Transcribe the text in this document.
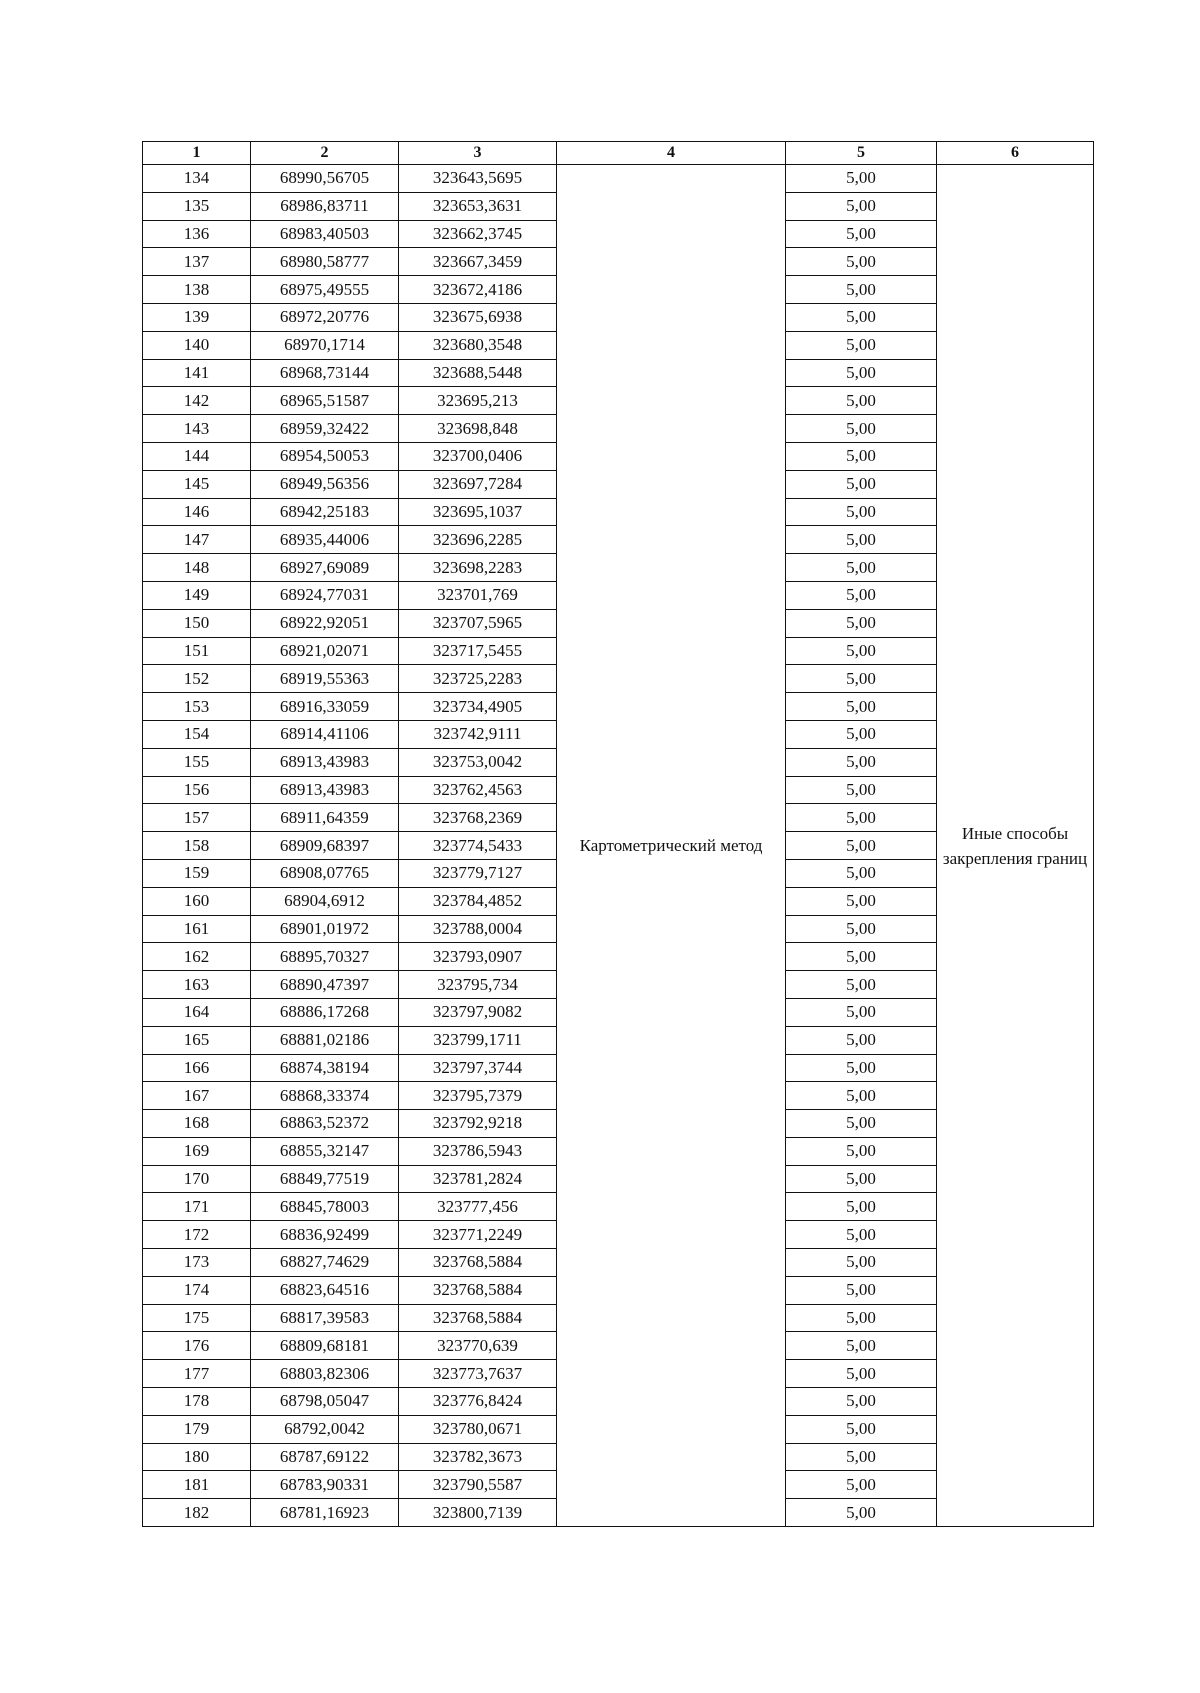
1	2	3	4	5	6
134	68990,56705	323643,5695	Картометрический метод	5,00	Иные способы закрепления границ
135	68986,83711	323653,3631		5,00	
136	68983,40503	323662,3745		5,00	
137	68980,58777	323667,3459		5,00	
138	68975,49555	323672,4186		5,00	
139	68972,20776	323675,6938		5,00	
140	68970,1714	323680,3548		5,00	
141	68968,73144	323688,5448		5,00	
142	68965,51587	323695,213		5,00	
143	68959,32422	323698,848		5,00	
144	68954,50053	323700,0406		5,00	
145	68949,56356	323697,7284		5,00	
146	68942,25183	323695,1037		5,00	
147	68935,44006	323696,2285		5,00	
148	68927,69089	323698,2283		5,00	
149	68924,77031	323701,769		5,00	
150	68922,92051	323707,5965		5,00	
151	68921,02071	323717,5455		5,00	
152	68919,55363	323725,2283		5,00	
153	68916,33059	323734,4905		5,00	
154	68914,41106	323742,9111		5,00	
155	68913,43983	323753,0042		5,00	
156	68913,43983	323762,4563		5,00	
157	68911,64359	323768,2369		5,00	
158	68909,68397	323774,5433		5,00	
159	68908,07765	323779,7127		5,00	
160	68904,6912	323784,4852		5,00	
161	68901,01972	323788,0004		5,00	
162	68895,70327	323793,0907		5,00	
163	68890,47397	323795,734		5,00	
164	68886,17268	323797,9082		5,00	
165	68881,02186	323799,1711		5,00	
166	68874,38194	323797,3744		5,00	
167	68868,33374	323795,7379		5,00	
168	68863,52372	323792,9218		5,00	
169	68855,32147	323786,5943		5,00	
170	68849,77519	323781,2824		5,00	
171	68845,78003	323777,456		5,00	
172	68836,92499	323771,2249		5,00	
173	68827,74629	323768,5884		5,00	
174	68823,64516	323768,5884		5,00	
175	68817,39583	323768,5884		5,00	
176	68809,68181	323770,639		5,00	
177	68803,82306	323773,7637		5,00	
178	68798,05047	323776,8424		5,00	
179	68792,0042	323780,0671		5,00	
180	68787,69122	323782,3673		5,00	
181	68783,90331	323790,5587		5,00	
182	68781,16923	323800,7139		5,00	
